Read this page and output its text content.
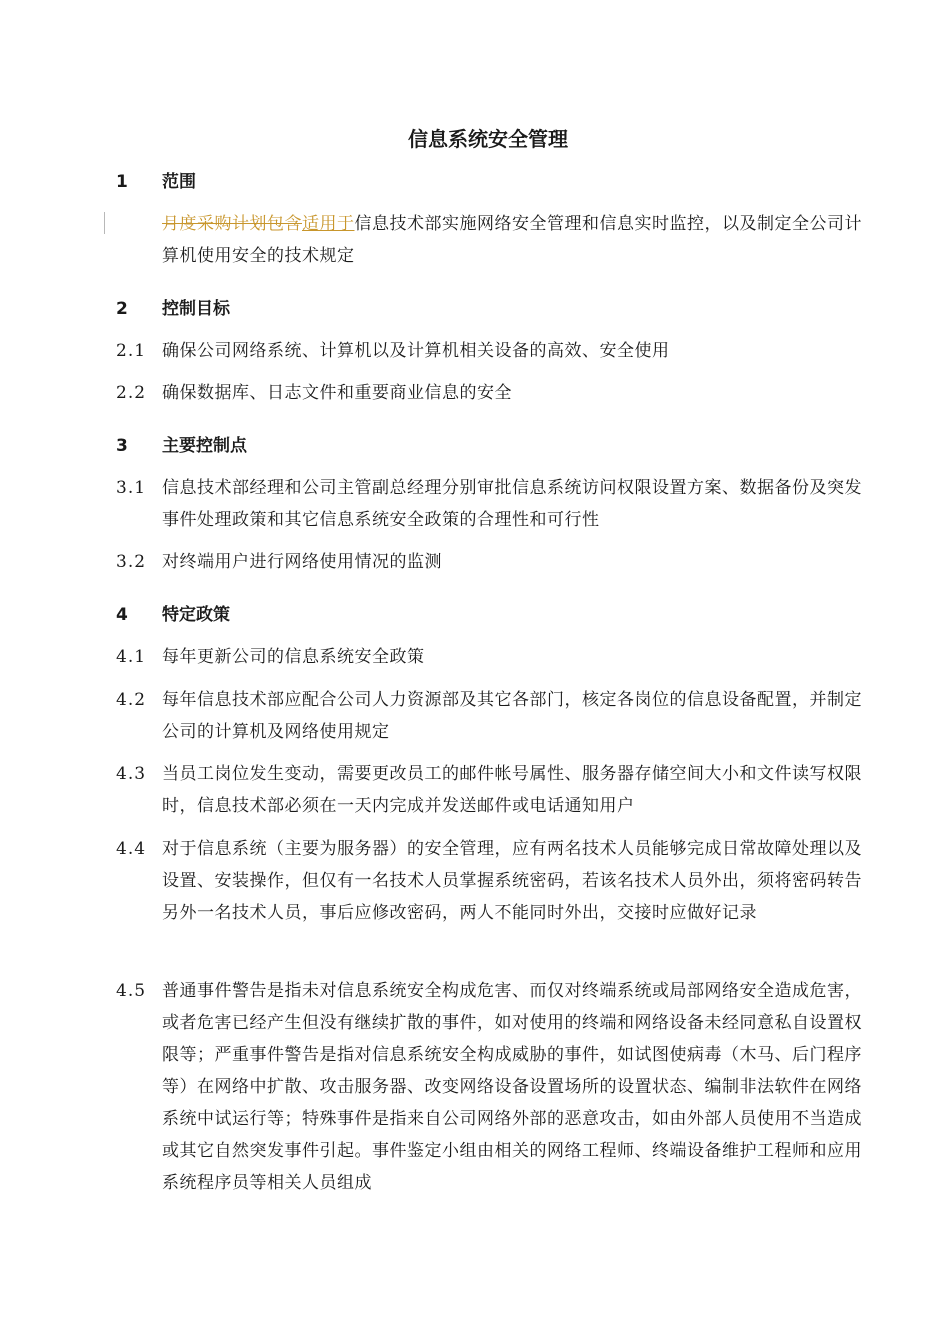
信息系统安全管理
1 范围
月度采购计划包含适用于信息技术部实施网络安全管理和信息实时监控，以及制定全公司计算机使用安全的技术规定
2 控制目标
2.1 确保公司网络系统、计算机以及计算机相关设备的高效、安全使用
2.2 确保数据库、日志文件和重要商业信息的安全
3 主要控制点
3.1 信息技术部经理和公司主管副总经理分别审批信息系统访问权限设置方案、数据备份及突发事件处理政策和其它信息系统安全政策的合理性和可行性
3.2 对终端用户进行网络使用情况的监测
4 特定政策
4.1 每年更新公司的信息系统安全政策
4.2 每年信息技术部应配合公司人力资源部及其它各部门，核定各岗位的信息设备配置，并制定公司的计算机及网络使用规定
4.3 当员工岗位发生变动，需要更改员工的邮件帐号属性、服务器存储空间大小和文件读写权限时，信息技术部必须在一天内完成并发送邮件或电话通知用户
4.4 对于信息系统（主要为服务器）的安全管理，应有两名技术人员能够完成日常故障处理以及设置、安装操作，但仅有一名技术人员掌握系统密码，若该名技术人员外出，须将密码转告另外一名技术人员，事后应修改密码，两人不能同时外出，交接时应做好记录
4.5 普通事件警告是指未对信息系统安全构成危害、而仅对终端系统或局部网络安全造成危害，或者危害已经产生但没有继续扩散的事件，如对使用的终端和网络设备未经同意私自设置权限等；严重事件警告是指对信息系统安全构成威胁的事件，如试图使病毒（木马、后门程序等）在网络中扩散、攻击服务器、改变网络设备设置场所的设置状态、编制非法软件在网络系统中试运行等；特殊事件是指来自公司网络外部的恶意攻击，如由外部人员使用不当造成或其它自然突发事件引起。事件鉴定小组由相关的网络工程师、终端设备维护工程师和应用系统程序员等相关人员组成
